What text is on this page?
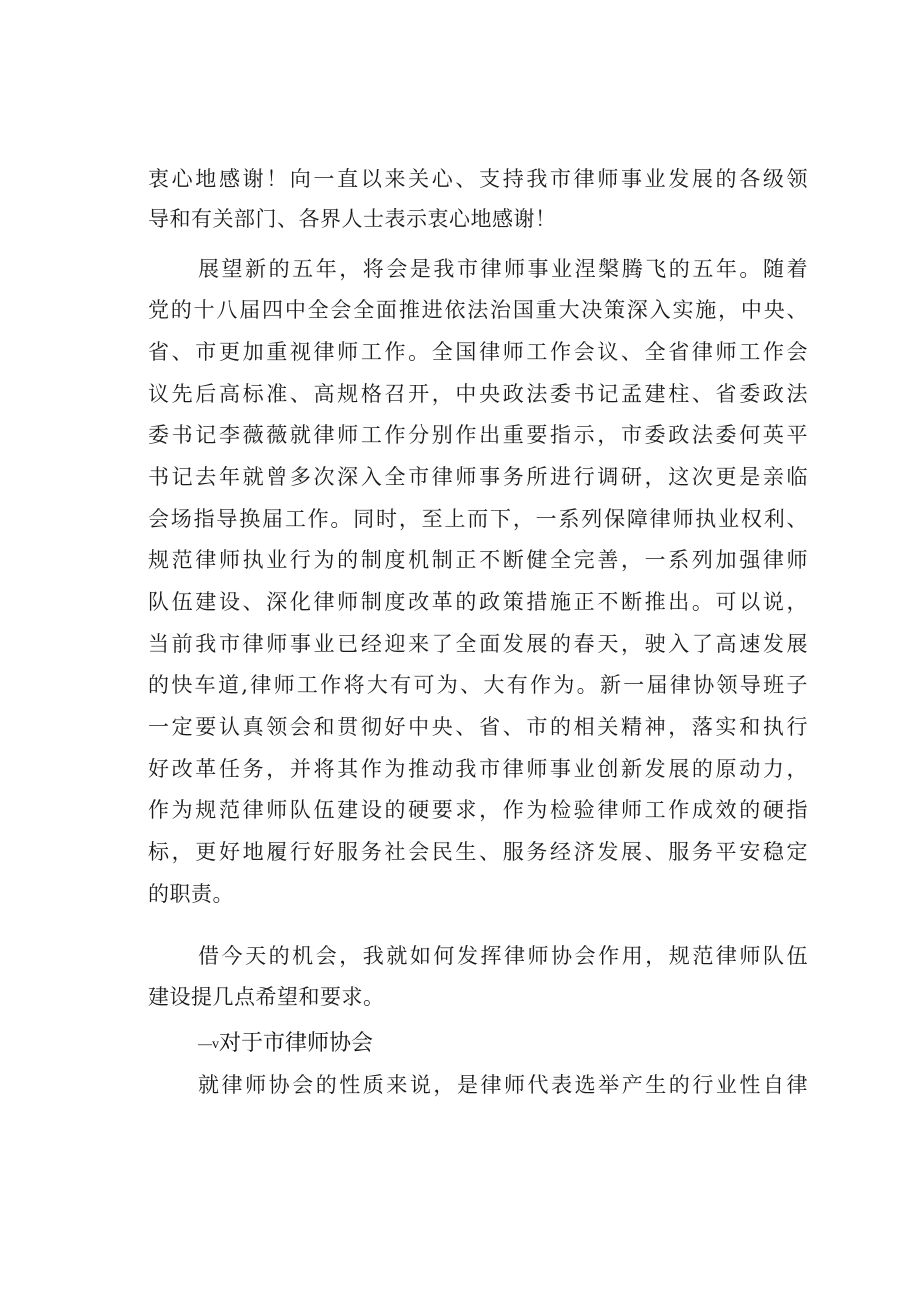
衷心地感谢！向一直以来关心、支持我市律师事业发展的各级领
导和有关部门、各界人士表示衷心地感谢！
展望新的五年，将会是我市律师事业涅槃腾飞的五年。随着
党的十八届四中全会全面推进依法治国重大决策深入实施，中央、
省、市更加重视律师工作。全国律师工作会议、全省律师工作会
议先后高标准、高规格召开，中央政法委书记孟建柱、省委政法
委书记李薇薇就律师工作分别作出重要指示，市委政法委何英平
书记去年就曾多次深入全市律师事务所进行调研，这次更是亲临
会场指导换届工作。同时，至上而下，一系列保障律师执业权利、
规范律师执业行为的制度机制正不断健全完善，一系列加强律师
队伍建设、深化律师制度改革的政策措施正不断推出。可以说，
当前我市律师事业已经迎来了全面发展的春天，驶入了高速发展
的快车道,律师工作将大有可为、大有作为。新一届律协领导班子
一定要认真领会和贯彻好中央、省、市的相关精神，落实和执行
好改革任务，并将其作为推动我市律师事业创新发展的原动力，
作为规范律师队伍建设的硬要求，作为检验律师工作成效的硬指
标，更好地履行好服务社会民生、服务经济发展、服务平安稳定
的职责。
借今天的机会，我就如何发挥律师协会作用，规范律师队伍
建设提几点希望和要求。
—v对于市律师协会
就律师协会的性质来说，是律师代表选举产生的行业性自律
